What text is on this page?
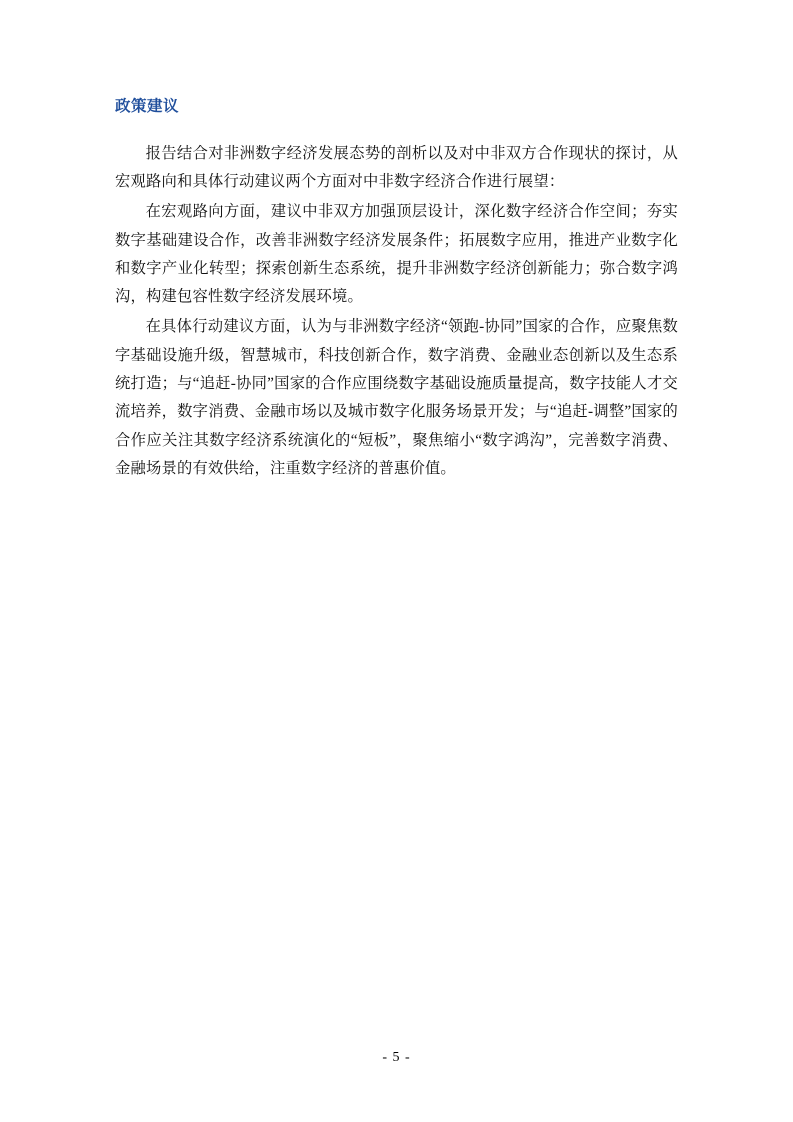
政策建议

报告结合对非洲数字经济发展态势的剖析以及对中非双方合作现状的探讨，从宏观路向和具体行动建议两个方面对中非数字经济合作进行展望：

在宏观路向方面，建议中非双方加强顶层设计，深化数字经济合作空间；夯实数字基础建设合作，改善非洲数字经济发展条件；拓展数字应用，推进产业数字化和数字产业化转型；探索创新生态系统，提升非洲数字经济创新能力；弥合数字鸿沟，构建包容性数字经济发展环境。

在具体行动建议方面，认为与非洲数字经济“领跑-协同”国家的合作，应聚焦数字基础设施升级，智慧城市，科技创新合作，数字消费、金融业态创新以及生态系统打造；与“追赶-协同”国家的合作应围绕数字基础设施质量提高，数字技能人才交流培养，数字消费、金融市场以及城市数字化服务场景开发；与“追赶-调整”国家的合作应关注其数字经济系统演化的“短板”，聚焦缩小“数字鸿沟”，完善数字消费、金融场景的有效供给，注重数字经济的普惠价值。

- 5 -
